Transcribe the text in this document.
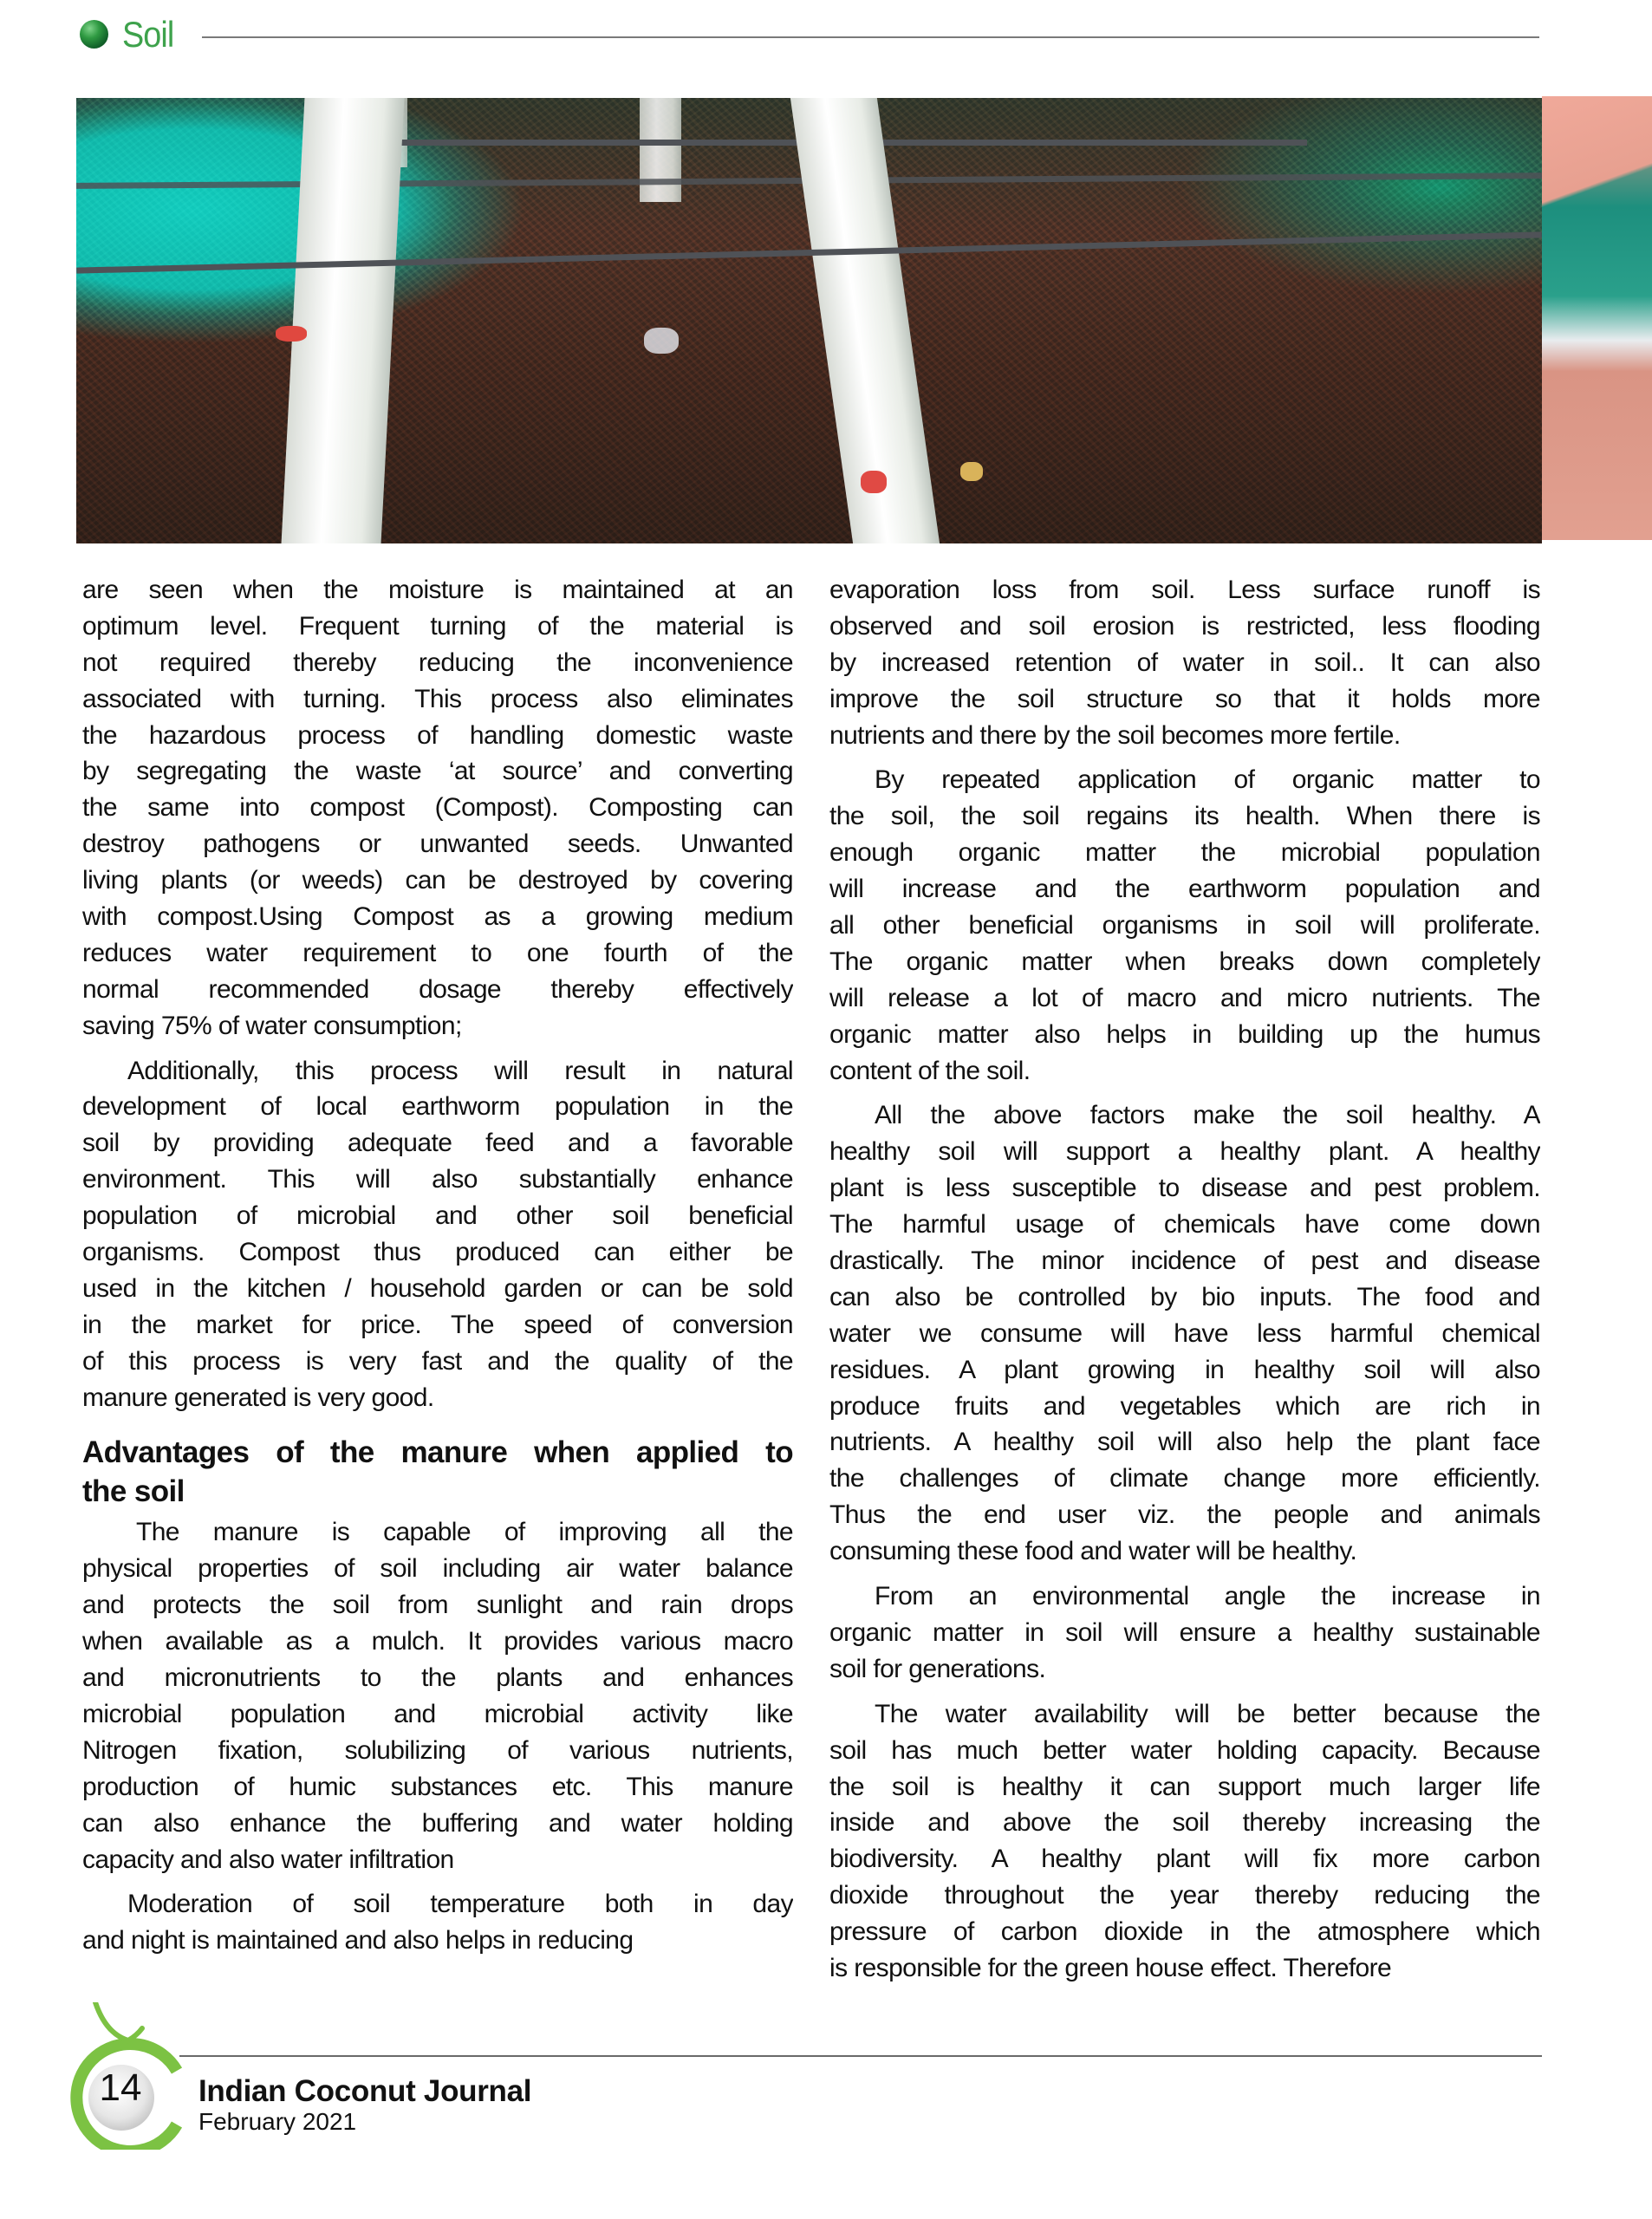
Soil
are seen when the moisture is maintained at an
optimum level. Frequent turning of the material is
not required thereby reducing the inconvenience
associated with turning. This process also eliminates
the hazardous process of handling domestic waste
by segregating the waste ‘at source’ and converting
the same into compost (Compost). Composting can
destroy pathogens or unwanted seeds. Unwanted
living plants (or weeds) can be destroyed by covering
with compost.Using Compost as a growing medium
reduces water requirement to one fourth of the
normal recommended dosage thereby effectively
saving 75% of water consumption;
Additionally, this process will result in natural
development of local earthworm population in the
soil by providing adequate feed and a favorable
environment. This will also substantially enhance
population of microbial and other soil beneficial
organisms. Compost thus produced can either be
used in the kitchen / household garden or can be sold
in the market for price. The speed of conversion
of this process is very fast and the quality of the
manure generated is very good.
Advantages of the manure when applied to
the soil
The manure is capable of improving all the
physical properties of soil including air water balance
and protects the soil from sunlight and rain drops
when available as a mulch. It provides various macro
and micronutrients to the plants and enhances
microbial population and microbial activity like
Nitrogen fixation, solubilizing of various nutrients,
production of humic substances etc. This manure
can also enhance the buffering and water holding
capacity and also water infiltration
Moderation of soil temperature both in day
and night is maintained and also helps in reducing
evaporation loss from soil. Less surface runoff is
observed and soil erosion is restricted, less flooding
by increased retention of water in soil.. It can also
improve the soil structure so that it holds more
nutrients and there by the soil becomes more fertile.
By repeated application of organic matter to
the soil, the soil regains its health. When there is
enough organic matter the microbial population
will increase and the earthworm population and
all other beneficial organisms in soil will proliferate.
The organic matter when breaks down completely
will release a lot of macro and micro nutrients. The
organic matter also helps in building up the humus
content of the soil.
All the above factors make the soil healthy. A
healthy soil will support a healthy plant. A healthy
plant is less susceptible to disease and pest problem.
The harmful usage of chemicals have come down
drastically. The minor incidence of pest and disease
can also be controlled by bio inputs. The food and
water we consume will have less harmful chemical
residues. A plant growing in healthy soil will also
produce fruits and vegetables which are rich in
nutrients. A healthy soil will also help the plant face
the challenges of climate change more efficiently.
Thus the end user viz. the people and animals
consuming these food and water will be healthy.
From an environmental angle the increase in
organic matter in soil will ensure a healthy sustainable
soil for generations.
The water availability will be better because the
soil has much better water holding capacity. Because
the soil is healthy it can support much larger life
inside and above the soil thereby increasing the
biodiversity. A healthy plant will fix more carbon
dioxide throughout the year thereby reducing the
pressure of carbon dioxide in the atmosphere which
is responsible for the green house effect. Therefore
14	Indian Coconut Journal
February 2021
